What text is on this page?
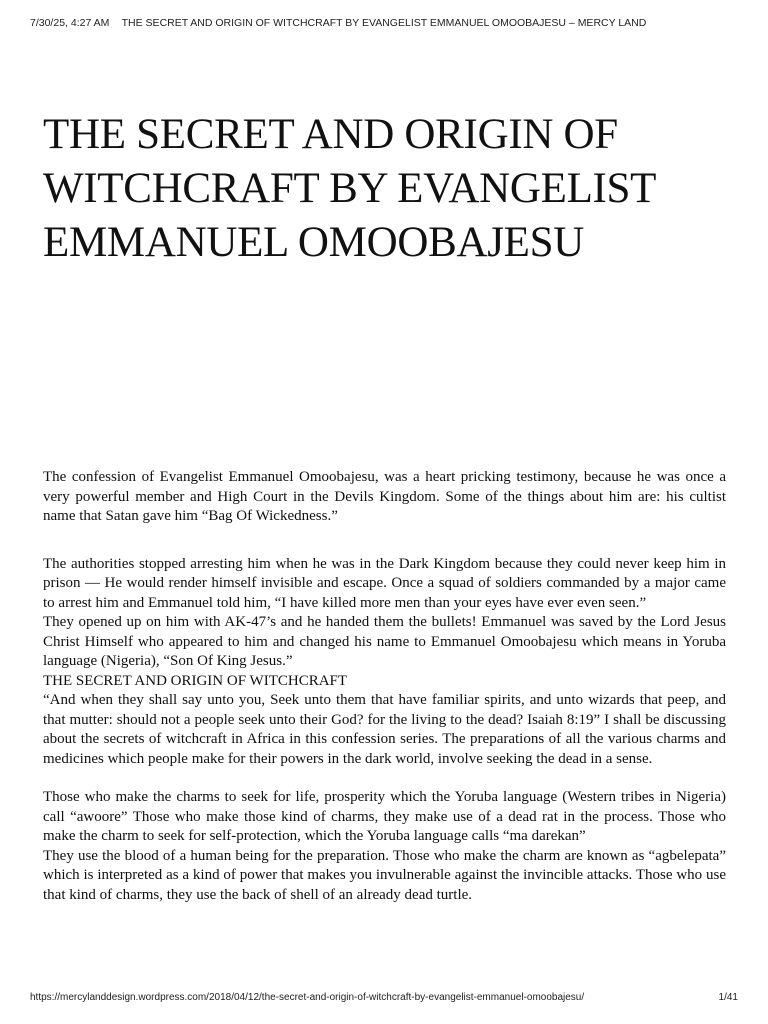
7/30/25, 4:27 AM	THE SECRET AND ORIGIN OF WITCHCRAFT BY EVANGELIST EMMANUEL OMOOBAJESU – MERCY LAND
THE SECRET AND ORIGIN OF WITCHCRAFT BY EVANGELIST EMMANUEL OMOOBAJESU

The confession of Evangelist Emmanuel Omoobajesu, was a heart pricking testimony, because he was once a very powerful member and High Court in the Devils Kingdom. Some of the things about him are: his cultist name that Satan gave him “Bag Of Wickedness.”

The authorities stopped arresting him when he was in the Dark Kingdom because they could never keep him in prison — He would render himself invisible and escape. Once a squad of soldiers commanded by a major came to arrest him and Emmanuel told him, “I have killed more men than your eyes have ever even seen.”

They opened up on him with AK-47’s and he handed them the bullets! Emmanuel was saved by the Lord Jesus Christ Himself who appeared to him and changed his name to Emmanuel Omoobajesu which means in Yoruba language (Nigeria), “Son Of King Jesus.”

THE SECRET AND ORIGIN OF WITCHCRAFT

“And when they shall say unto you, Seek unto them that have familiar spirits, and unto wizards that peep, and that mutter: should not a people seek unto their God? for the living to the dead? Isaiah 8:19” I shall be discussing about the secrets of witchcraft in Africa in this confession series. The preparations of all the various charms and medicines which people make for their powers in the dark world, involve seeking the dead in a sense.

Those who make the charms to seek for life, prosperity which the Yoruba language (Western tribes in Nigeria) call “awoore” Those who make those kind of charms, they make use of a dead rat in the process. Those who make the charm to seek for self-protection, which the Yoruba language calls “ma darekan”

They use the blood of a human being for the preparation. Those who make the charm are known as “agbelepata” which is interpreted as a kind of power that makes you invulnerable against the invincible attacks. Those who use that kind of charms, they use the back of shell of an already dead turtle.

https://mercylanddesign.wordpress.com/2018/04/12/the-secret-and-origin-of-witchcraft-by-evangelist-emmanuel-omoobajesu/	1/41
